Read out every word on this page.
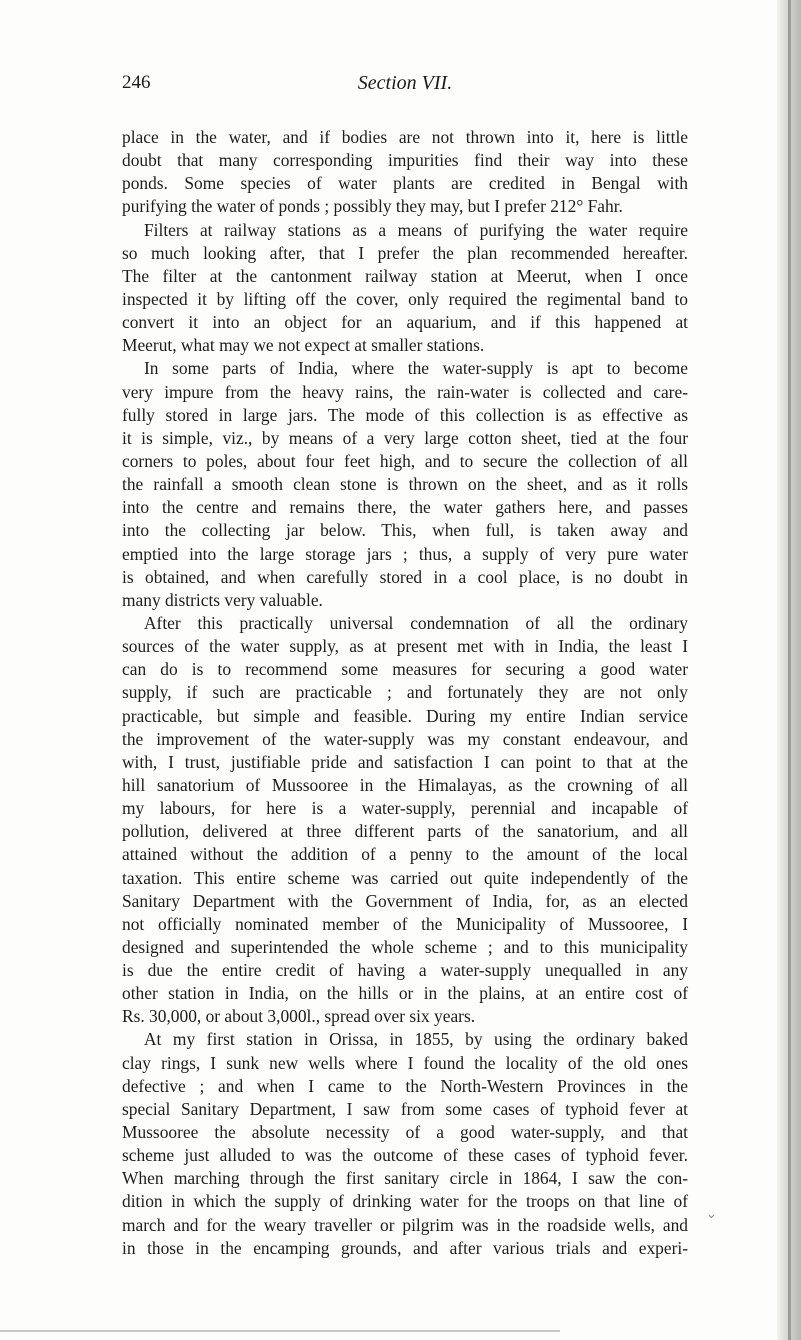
246	Section VII.
place in the water, and if bodies are not thrown into it, here is little
doubt that many corresponding impurities find their way into these
ponds. Some species of water plants are credited in Bengal with
purifying the water of ponds ; possibly they may, but I prefer 212° Fahr.
Filters at railway stations as a means of purifying the water require
so much looking after, that I prefer the plan recommended hereafter.
The filter at the cantonment railway station at Meerut, when I once
inspected it by lifting off the cover, only required the regimental band to
convert it into an object for an aquarium, and if this happened at
Meerut, what may we not expect at smaller stations.
In some parts of India, where the water-supply is apt to become
very impure from the heavy rains, the rain-water is collected and care-
fully stored in large jars. The mode of this collection is as effective as
it is simple, viz., by means of a very large cotton sheet, tied at the four
corners to poles, about four feet high, and to secure the collection of all
the rainfall a smooth clean stone is thrown on the sheet, and as it rolls
into the centre and remains there, the water gathers here, and passes
into the collecting jar below. This, when full, is taken away and
emptied into the large storage jars ; thus, a supply of very pure water
is obtained, and when carefully stored in a cool place, is no doubt in
many districts very valuable.
After this practically universal condemnation of all the ordinary
sources of the water supply, as at present met with in India, the least I
can do is to recommend some measures for securing a good water
supply, if such are practicable ; and fortunately they are not only
practicable, but simple and feasible. During my entire Indian service
the improvement of the water-supply was my constant endeavour, and
with, I trust, justifiable pride and satisfaction I can point to that at the
hill sanatorium of Mussooree in the Himalayas, as the crowning of all
my labours, for here is a water-supply, perennial and incapable of
pollution, delivered at three different parts of the sanatorium, and all
attained without the addition of a penny to the amount of the local
taxation. This entire scheme was carried out quite independently of the
Sanitary Department with the Government of India, for, as an elected
not officially nominated member of the Municipality of Mussooree, I
designed and superintended the whole scheme ; and to this municipality
is due the entire credit of having a water-supply unequalled in any
other station in India, on the hills or in the plains, at an entire cost of
Rs. 30,000, or about 3,000l., spread over six years.
At my first station in Orissa, in 1855, by using the ordinary baked
clay rings, I sunk new wells where I found the locality of the old ones
defective ; and when I came to the North-Western Provinces in the
special Sanitary Department, I saw from some cases of typhoid fever at
Mussooree the absolute necessity of a good water-supply, and that
scheme just alluded to was the outcome of these cases of typhoid fever.
When marching through the first sanitary circle in 1864, I saw the con-
dition in which the supply of drinking water for the troops on that line of
march and for the weary traveller or pilgrim was in the roadside wells, and
in those in the encamping grounds, and after various trials and experi-
⌄
